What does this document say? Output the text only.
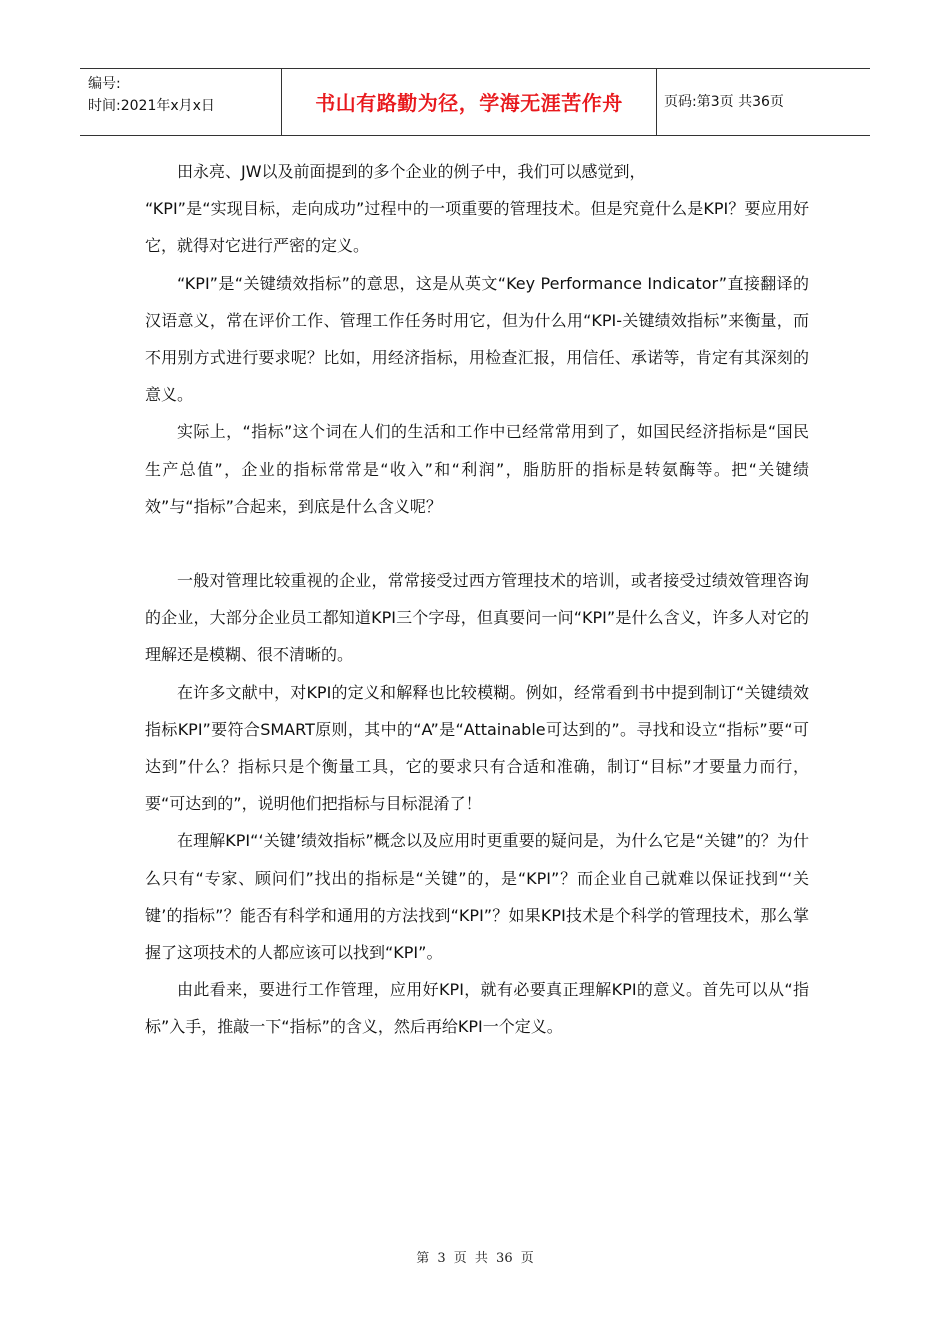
编号:
时间:2021年x月x日	书山有路勤为径，学海无涯苦作舟	页码:第3页 共36页

田永亮、JW以及前面提到的多个企业的例子中，我们可以感觉到，

“KPI”是“实现目标，走向成功”过程中的一项重要的管理技术。但是究竟什么是KPI？要应用好它，就得对它进行严密的定义。

“KPI”是“关键绩效指标”的意思，这是从英文“Key Performance Indicator”直接翻译的汉语意义，常在评价工作、管理工作任务时用它，但为什么用“KPI-关键绩效指标”来衡量，而不用别方式进行要求呢？比如，用经济指标，用检查汇报，用信任、承诺等，肯定有其深刻的意义。

实际上，“指标”这个词在人们的生活和工作中已经常常用到了，如国民经济指标是“国民生产总值”，企业的指标常常是“收入”和“利润”，脂肪肝的指标是转氨酶等。把“关键绩效”与“指标”合起来，到底是什么含义呢？

一般对管理比较重视的企业，常常接受过西方管理技术的培训，或者接受过绩效管理咨询的企业，大部分企业员工都知道KPI三个字母，但真要问一问“KPI”是什么含义，许多人对它的理解还是模糊、很不清晰的。

在许多文献中，对KPI的定义和解释也比较模糊。例如，经常看到书中提到制订“关键绩效指标KPI”要符合SMART原则，其中的“A”是“Attainable可达到的”。寻找和设立“指标”要“可达到”什么？指标只是个衡量工具，它的要求只有合适和准确，制订“目标”才要量力而行，要“可达到的”，说明他们把指标与目标混淆了！

在理解KPI“‘关键’绩效指标”概念以及应用时更重要的疑问是，为什么它是“关键”的？为什么只有“专家、顾问们”找出的指标是“关键”的，是“KPI”？而企业自己就难以保证找到“‘关键’的指标”？能否有科学和通用的方法找到“KPI”？如果KPI技术是个科学的管理技术，那么掌握了这项技术的人都应该可以找到“KPI”。

由此看来，要进行工作管理，应用好KPI，就有必要真正理解KPI的意义。首先可以从“指标”入手，推敲一下“指标”的含义，然后再给KPI一个定义。

第 3 页 共 36 页
